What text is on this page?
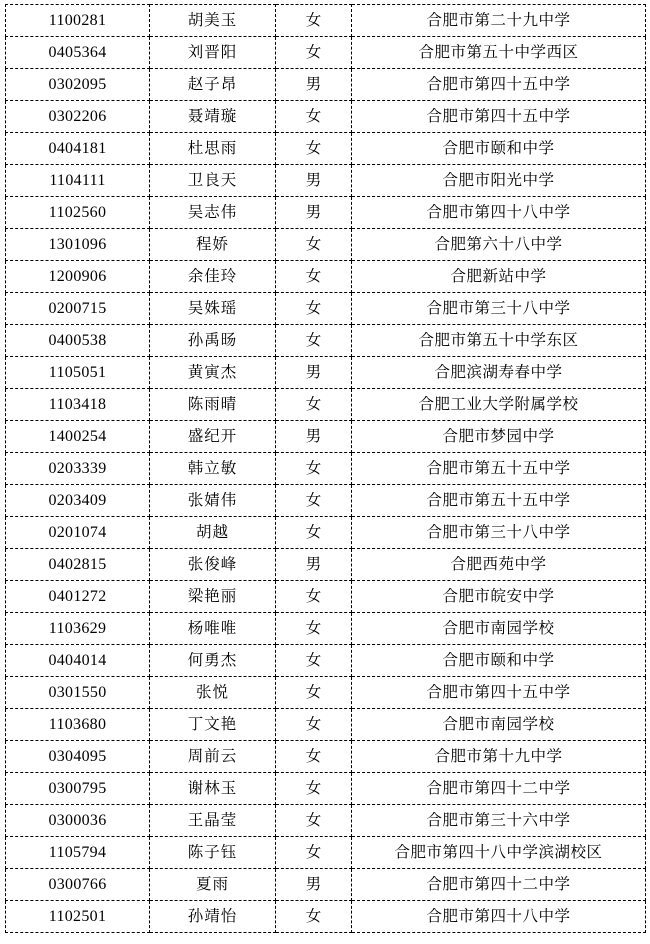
1100281	胡美玉	女	合肥市第二十九中学
0405364	刘晋阳	女	合肥市第五十中学西区
0302095	赵子昂	男	合肥市第四十五中学
0302206	聂靖璇	女	合肥市第四十五中学
0404181	杜思雨	女	合肥市颐和中学
1104111	卫良天	男	合肥市阳光中学
1102560	吴志伟	男	合肥市第四十八中学
1301096	程娇	女	合肥第六十八中学
1200906	余佳玲	女	合肥新站中学
0200715	吴姝瑶	女	合肥市第三十八中学
0400538	孙禹旸	女	合肥市第五十中学东区
1105051	黄寅杰	男	合肥滨湖寿春中学
1103418	陈雨晴	女	合肥工业大学附属学校
1400254	盛纪开	男	合肥市梦园中学
0203339	韩立敏	女	合肥市第五十五中学
0203409	张婧伟	女	合肥市第五十五中学
0201074	胡越	女	合肥市第三十八中学
0402815	张俊峰	男	合肥西苑中学
0401272	梁艳丽	女	合肥市皖安中学
1103629	杨唯唯	女	合肥市南园学校
0404014	何勇杰	女	合肥市颐和中学
0301550	张悦	女	合肥市第四十五中学
1103680	丁文艳	女	合肥市南园学校
0304095	周前云	女	合肥市第十九中学
0300795	谢林玉	女	合肥市第四十二中学
0300036	王晶莹	女	合肥市第三十六中学
1105794	陈子钰	女	合肥市第四十八中学滨湖校区
0300766	夏雨	男	合肥市第四十二中学
1102501	孙靖怡	女	合肥市第四十八中学
